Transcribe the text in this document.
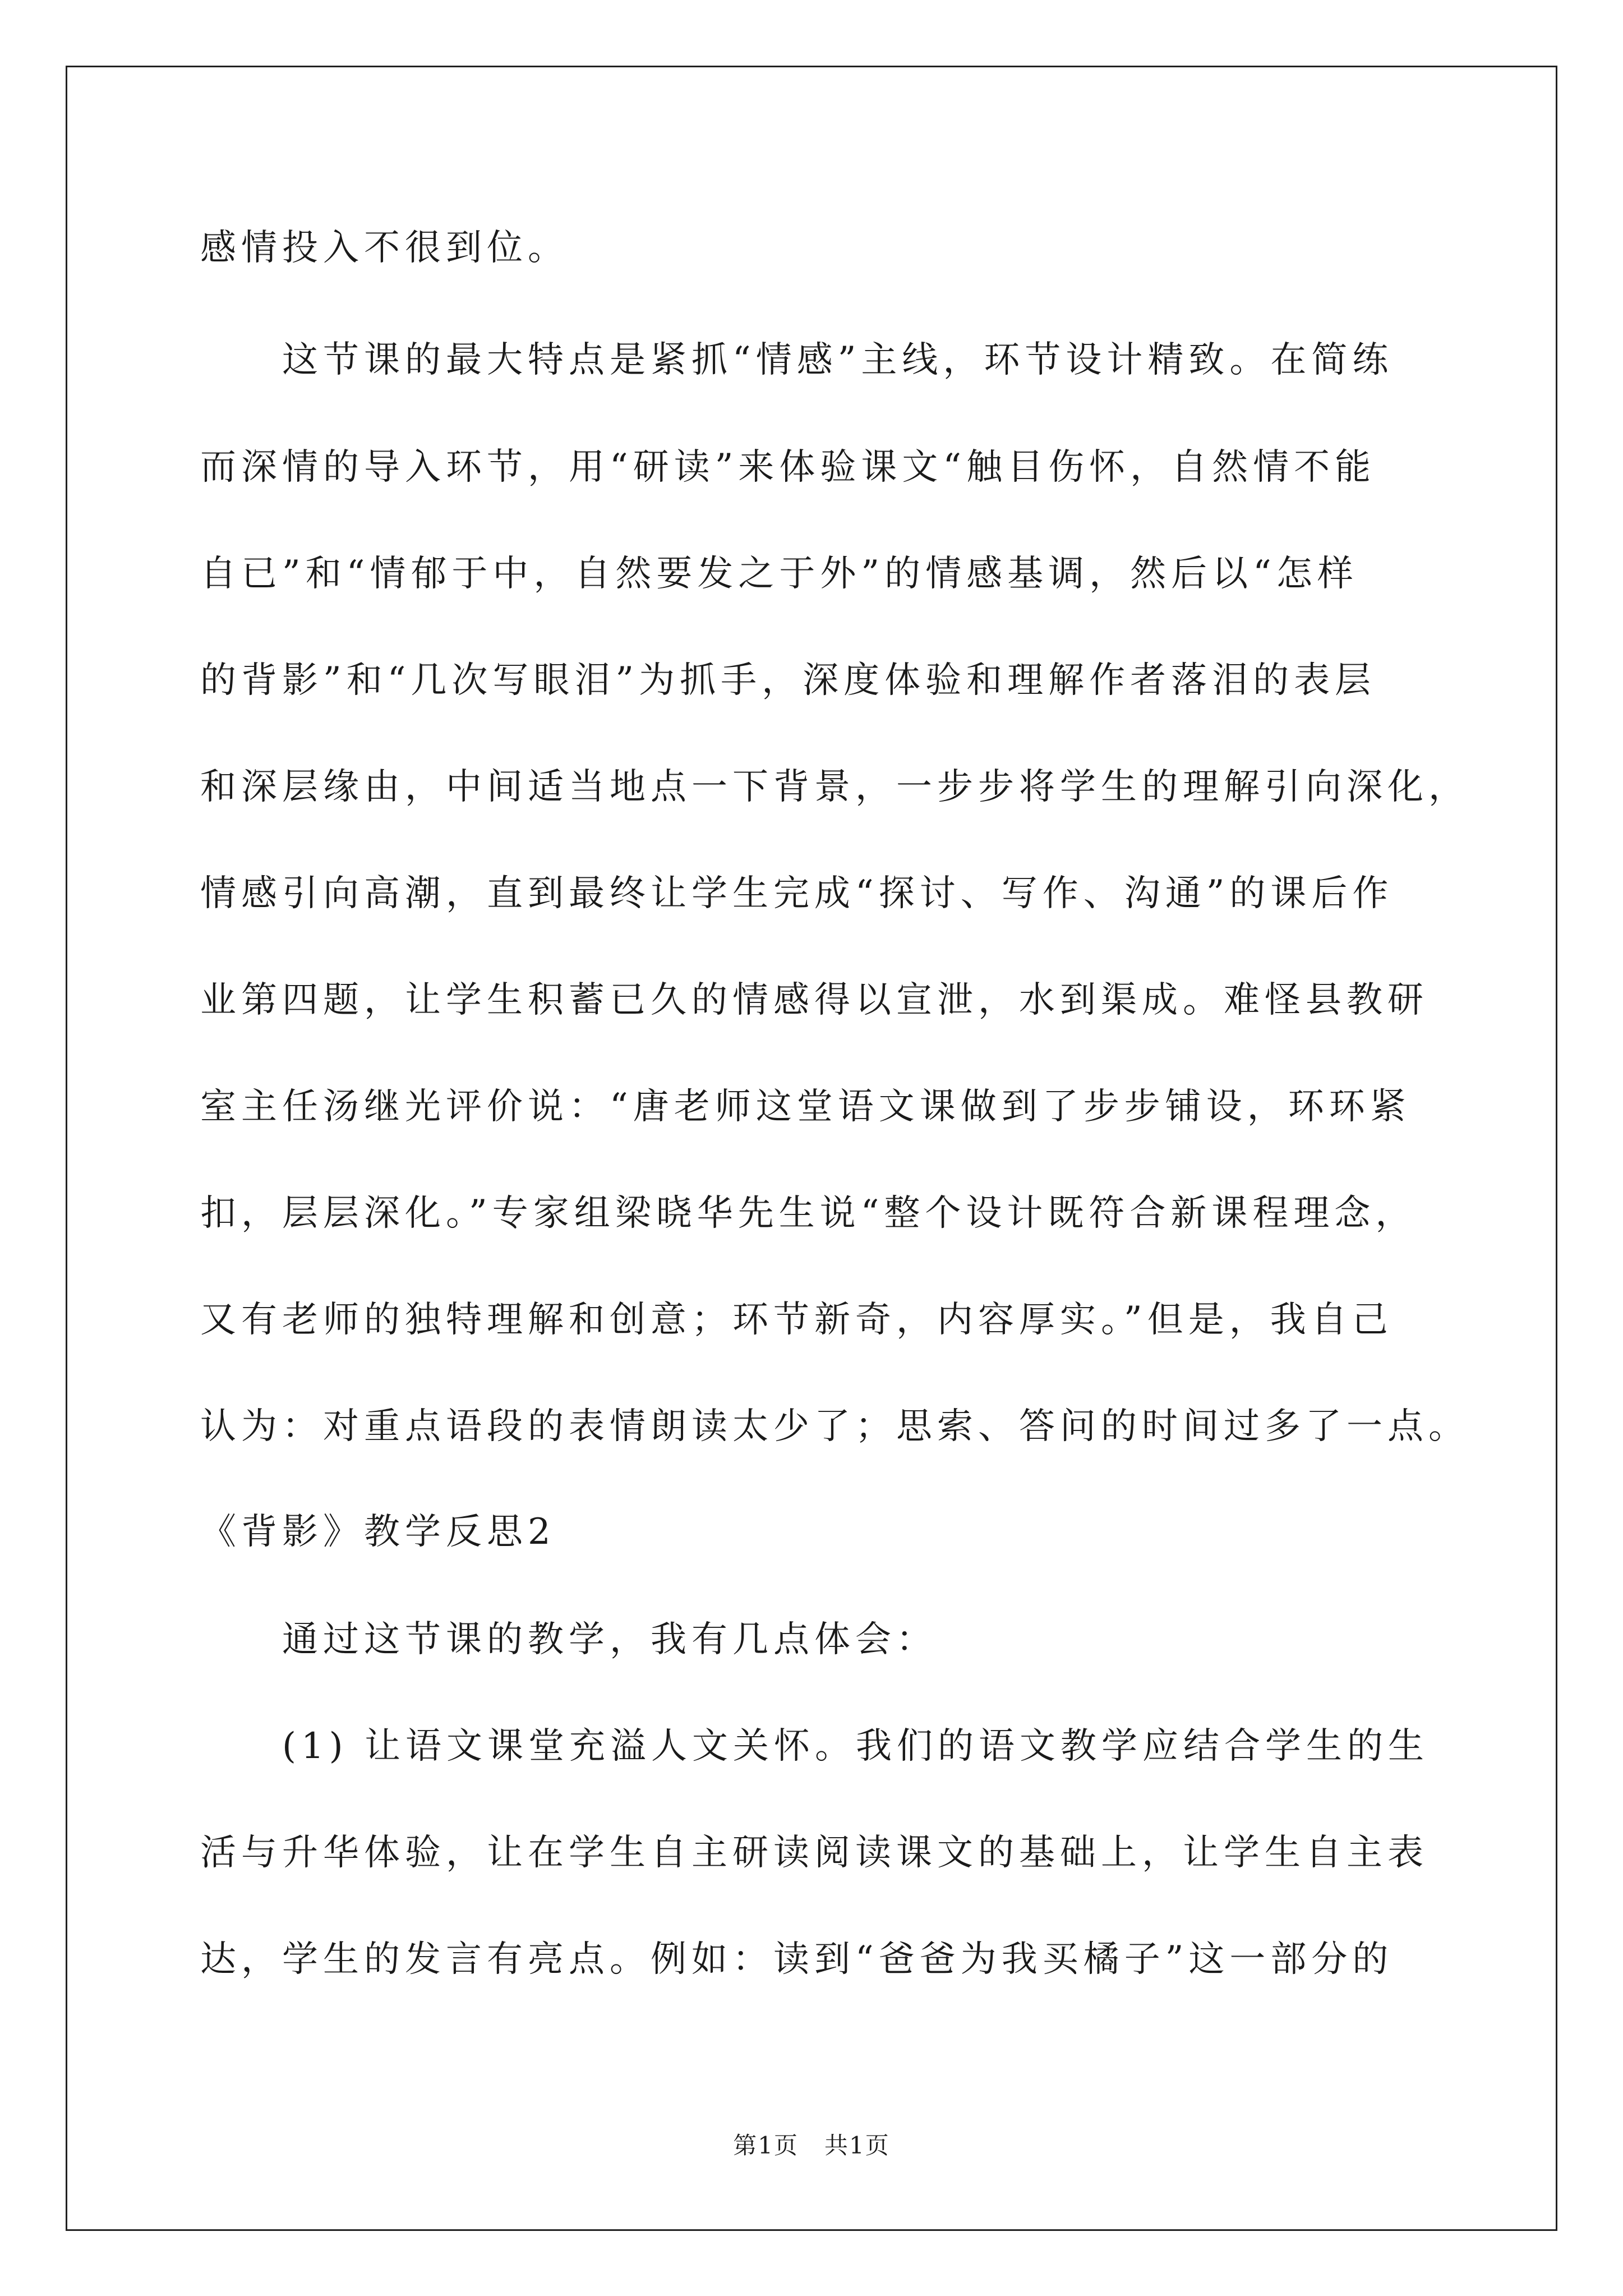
感情投入不很到位。
　　这节课的最大特点是紧抓“情感”主线，环节设计精致。在简练
而深情的导入环节，用“研读”来体验课文“触目伤怀，自然情不能
自已”和“情郁于中，自然要发之于外”的情感基调，然后以“怎样
的背影”和“几次写眼泪”为抓手，深度体验和理解作者落泪的表层
和深层缘由，中间适当地点一下背景，一步步将学生的理解引向深化，
情感引向高潮，直到最终让学生完成“探讨、写作、沟通”的课后作
业第四题，让学生积蓄已久的情感得以宣泄，水到渠成。难怪县教研
室主任汤继光评价说：“唐老师这堂语文课做到了步步铺设，环环紧
扣，层层深化。”专家组梁晓华先生说“整个设计既符合新课程理念，
又有老师的独特理解和创意；环节新奇，内容厚实。”但是，我自己
认为：对重点语段的表情朗读太少了；思索、答问的时间过多了一点。
《背影》教学反思2
　　通过这节课的教学，我有几点体会：
　　(1) 让语文课堂充溢人文关怀。我们的语文教学应结合学生的生
活与升华体验，让在学生自主研读阅读课文的基础上，让学生自主表
达，学生的发言有亮点。例如：读到“爸爸为我买橘子”这一部分的
第1页   共1页
